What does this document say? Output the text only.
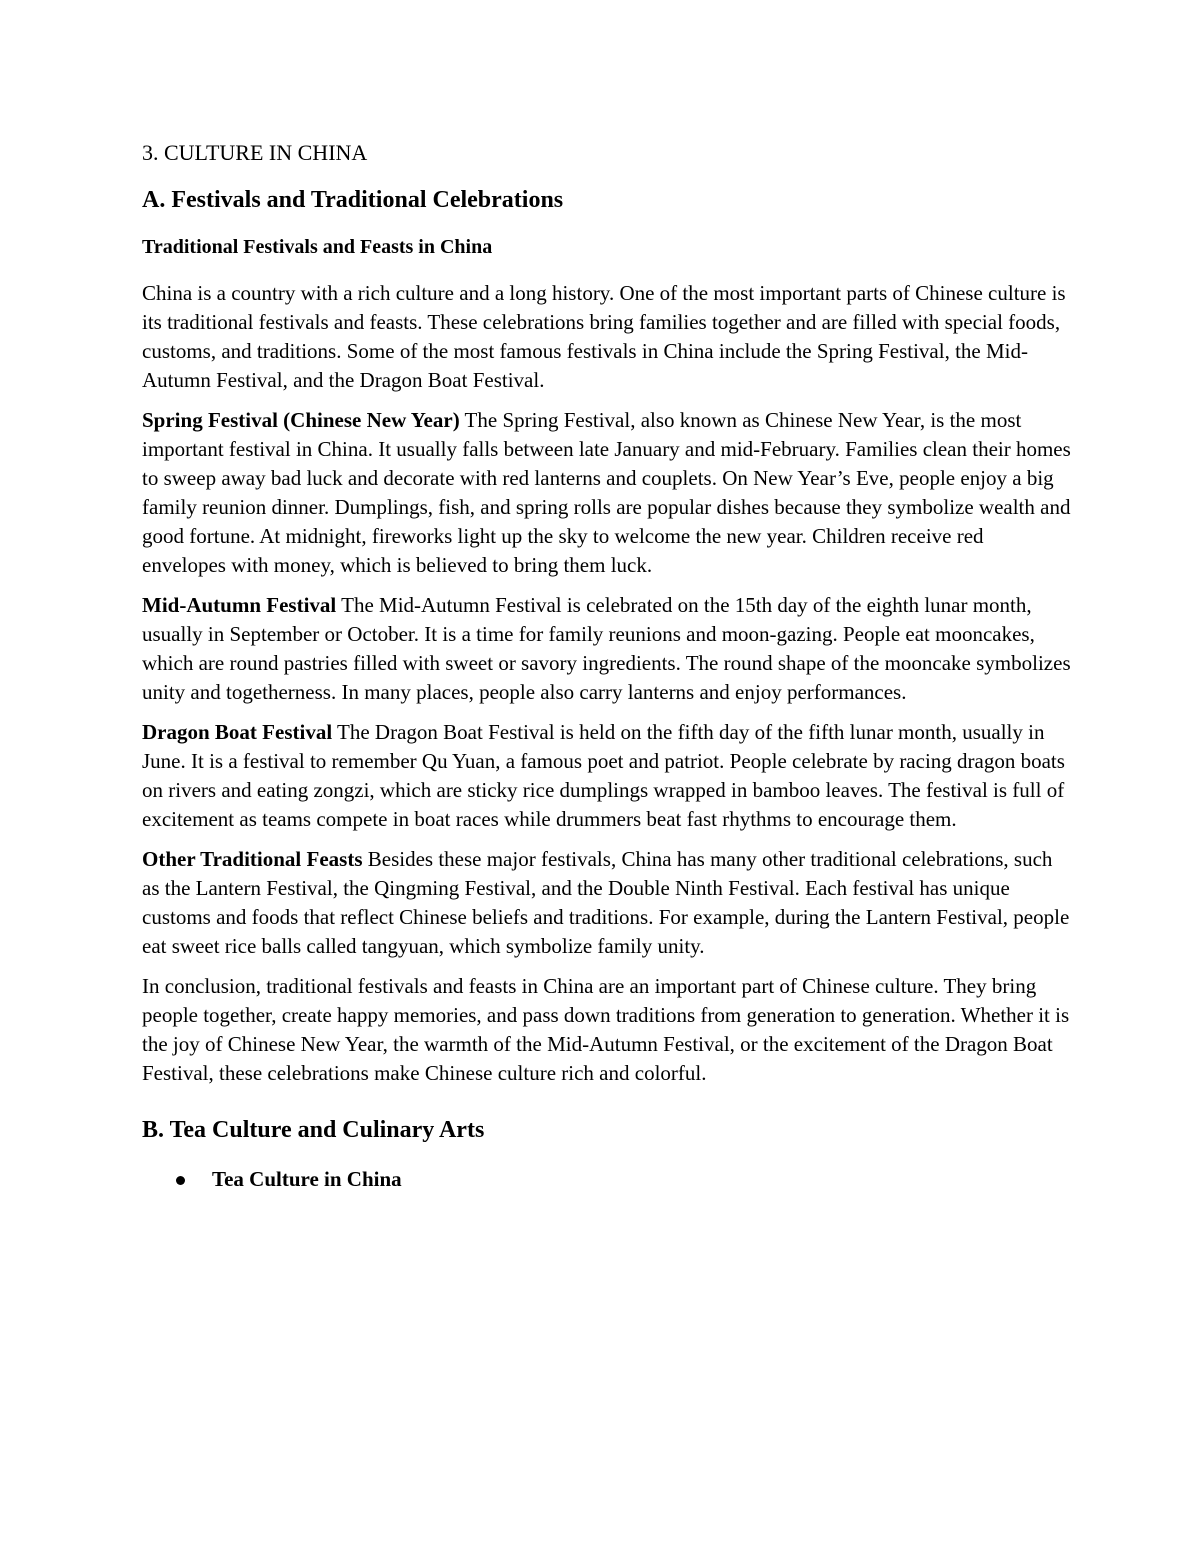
3. CULTURE IN CHINA
A. Festivals and Traditional Celebrations
Traditional Festivals and Feasts in China

China is a country with a rich culture and a long history. One of the most important parts of Chinese culture is its traditional festivals and feasts. These celebrations bring families together and are filled with special foods, customs, and traditions. Some of the most famous festivals in China include the Spring Festival, the Mid-Autumn Festival, and the Dragon Boat Festival.

Spring Festival (Chinese New Year) The Spring Festival, also known as Chinese New Year, is the most important festival in China. It usually falls between late January and mid-February. Families clean their homes to sweep away bad luck and decorate with red lanterns and couplets. On New Year’s Eve, people enjoy a big family reunion dinner. Dumplings, fish, and spring rolls are popular dishes because they symbolize wealth and good fortune. At midnight, fireworks light up the sky to welcome the new year. Children receive red envelopes with money, which is believed to bring them luck.

Mid-Autumn Festival The Mid-Autumn Festival is celebrated on the 15th day of the eighth lunar month, usually in September or October. It is a time for family reunions and moon-gazing. People eat mooncakes, which are round pastries filled with sweet or savory ingredients. The round shape of the mooncake symbolizes unity and togetherness. In many places, people also carry lanterns and enjoy performances.

Dragon Boat Festival The Dragon Boat Festival is held on the fifth day of the fifth lunar month, usually in June. It is a festival to remember Qu Yuan, a famous poet and patriot. People celebrate by racing dragon boats on rivers and eating zongzi, which are sticky rice dumplings wrapped in bamboo leaves. The festival is full of excitement as teams compete in boat races while drummers beat fast rhythms to encourage them.

Other Traditional Feasts Besides these major festivals, China has many other traditional celebrations, such as the Lantern Festival, the Qingming Festival, and the Double Ninth Festival. Each festival has unique customs and foods that reflect Chinese beliefs and traditions. For example, during the Lantern Festival, people eat sweet rice balls called tangyuan, which symbolize family unity.

In conclusion, traditional festivals and feasts in China are an important part of Chinese culture. They bring people together, create happy memories, and pass down traditions from generation to generation. Whether it is the joy of Chinese New Year, the warmth of the Mid-Autumn Festival, or the excitement of the Dragon Boat Festival, these celebrations make Chinese culture rich and colorful.

B. Tea Culture and Culinary Arts
Tea Culture in China
